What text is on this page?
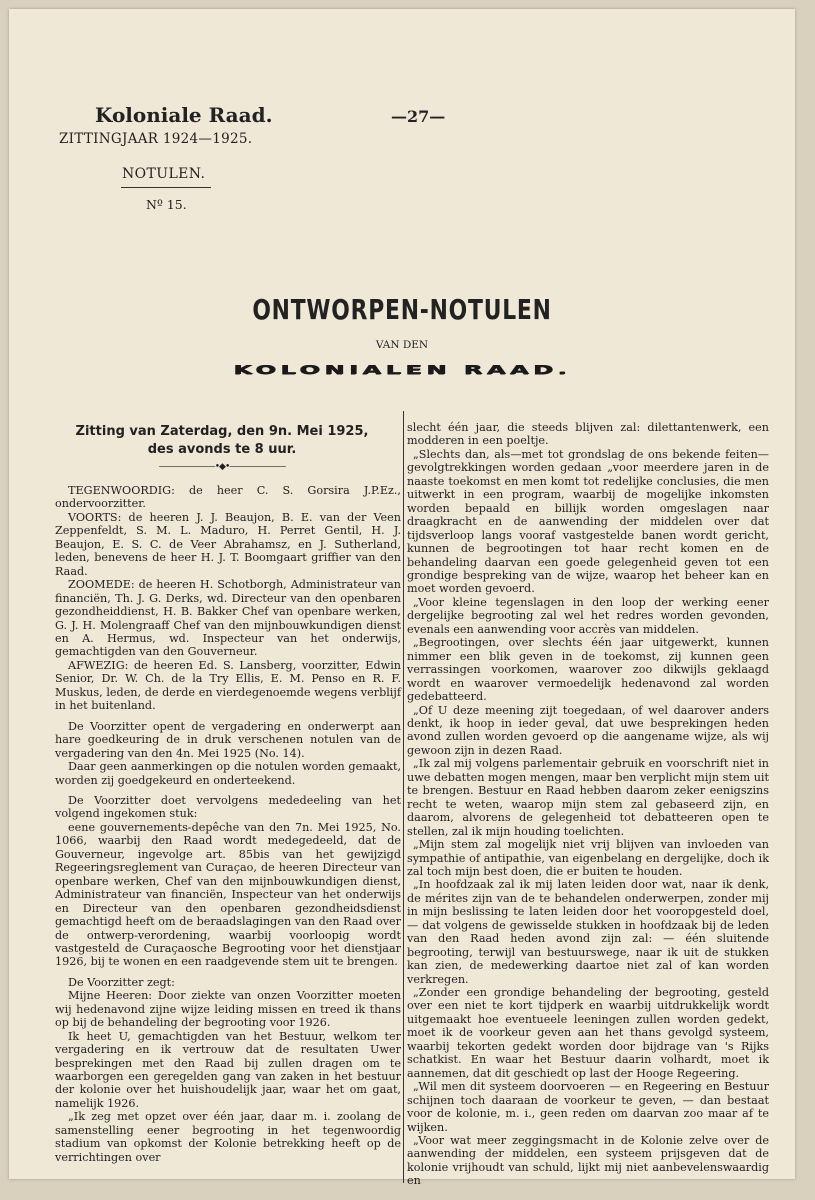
Koloniale Raad.
ZITTINGJAAR 1924—1925.
—27—
NOTULEN.
Nº 15.
ONTWORPEN-NOTULEN
VAN DEN
KOLONIALEN RAAD.
Zitting van Zaterdag, den 9n. Mei 1925,
des avonds te 8 uur.
———————•◆•———————

TEGENWOORDIG: de heer C. S. Gorsira J.P.Ez., ondervoorzitter.

VOORTS: de heeren J. J. Beaujon, B. E. van der Veen Zeppenfeldt, S. M. L. Maduro, H. Perret Gentil, H. J. Beaujon, E. S. C. de Veer Abrahamsz, en J. Sutherland, leden, benevens de heer H. J. T. Boomgaart griffier van den Raad.

ZOOMEDE: de heeren H. Schotborgh, Administrateur van financiën, Th. J. G. Derks, wd. Directeur van den openbaren gezondheiddienst, H. B. Bakker Chef van openbare werken, G. J. H. Molengraaff Chef van den mijnbouwkundigen dienst en A. Hermus, wd. Inspecteur van het onderwijs, gemachtigden van den Gouverneur.

AFWEZIG: de heeren Ed. S. Lansberg, voorzitter, Edwin Senior, Dr. W. Ch. de la Try Ellis, E. M. Penso en R. F. Muskus, leden, de derde en vierdegenoemde wegens verblijf in het buitenland.

De Voorzitter opent de vergadering en onderwerpt aan hare goedkeuring de in druk verschenen notulen van de vergadering van den 4n. Mei 1925 (No. 14).

Daar geen aanmerkingen op die notulen worden gemaakt, worden zij goedgekeurd en onderteekend.

De Voorzitter doet vervolgens mededeeling van het volgend ingekomen stuk:

eene gouvernements-depêche van den 7n. Mei 1925, No. 1066, waarbij den Raad wordt medegedeeld, dat de Gouverneur, ingevolge art. 85bis van het gewijzigd Regeeringsreglement van Curaçao, de heeren Directeur van openbare werken, Chef van den mijnbouwkundigen dienst, Administrateur van financiën, Inspecteur van het onderwijs en Directeur van den openbaren gezondheidsdienst gemachtigd heeft om de beraadslagingen van den Raad over de ontwerp-verordening, waarbij voorloopig wordt vastgesteld de Curaçaosche Begrooting voor het dienstjaar 1926, bij te wonen en een raadgevende stem uit te brengen.

De Voorzitter zegt:

Mijne Heeren: Door ziekte van onzen Voorzitter moeten wij hedenavond zijne wijze leiding missen en treed ik thans op bij de behandeling der begrooting voor 1926.

Ik heet U, gemachtigden van het Bestuur, welkom ter vergadering en ik vertrouw dat de resultaten Uwer besprekingen met den Raad bij zullen dragen om te waarborgen een geregelden gang van zaken in het bestuur der kolonie over het huishoudelijk jaar, waar het om gaat, namelijk 1926.

„Ik zeg met opzet over één jaar, daar m. i. zoolang de samenstelling eener begrooting in het tegenwoordig stadium van opkomst der Kolonie betrekking heeft op de verrichtingen over

slecht één jaar, die steeds blijven zal: dilettantenwerk, een modderen in een poeltje.

„Slechts dan, als—met tot grondslag de ons bekende feiten—gevolgtrekkingen worden gedaan „voor meerdere jaren in de naaste toekomst en men komt tot redelijke conclusies, die men uitwerkt in een program, waarbij de mogelijke inkomsten worden bepaald en billijk worden omgeslagen naar draagkracht en de aanwending der middelen over dat tijdsverloop langs vooraf vastgestelde banen wordt gericht, kunnen de begrootingen tot haar recht komen en de behandeling daarvan een goede gelegenheid geven tot een grondige bespreking van de wijze, waarop het beheer kan en moet worden gevoerd.

„Voor kleine tegenslagen in den loop der werking eener dergelijke begrooting zal wel het redres worden gevonden, evenals een aanwending voor accrès van middelen.

„Begrootingen, over slechts één jaar uitgewerkt, kunnen nimmer een blik geven in de toekomst, zij kunnen geen verrassingen voorkomen, waarover zoo dikwijls geklaagd wordt en waarover vermoedelijk hedenavond zal worden gedebatteerd.

„Of U deze meening zijt toegedaan, of wel daarover anders denkt, ik hoop in ieder geval, dat uwe besprekingen heden avond zullen worden gevoerd op die aangename wijze, als wij gewoon zijn in dezen Raad.

„Ik zal mij volgens parlementair gebruik en voorschrift niet in uwe debatten mogen mengen, maar ben verplicht mijn stem uit te brengen. Bestuur en Raad hebben daarom zeker eenigszins recht te weten, waarop mijn stem zal gebaseerd zijn, en daarom, alvorens de gelegenheid tot debatteeren open te stellen, zal ik mijn houding toelichten.

„Mijn stem zal mogelijk niet vrij blijven van invloeden van sympathie of antipathie, van eigenbelang en dergelijke, doch ik zal toch mijn best doen, die er buiten te houden.

„In hoofdzaak zal ik mij laten leiden door wat, naar ik denk, de mérites zijn van de te behandelen onderwerpen, zonder mij in mijn beslissing te laten leiden door het vooropgesteld doel, — dat volgens de gewisselde stukken in hoofdzaak bij de leden van den Raad heden avond zijn zal: — één sluitende begrooting, terwijl van bestuurswege, naar ik uit de stukken kan zien, de medewerking daartoe niet zal of kan worden verkregen.

„Zonder een grondige behandeling der begrooting, gesteld over een niet te kort tijdperk en waarbij uitdrukkelijk wordt uitgemaakt hoe eventueele leeningen zullen worden gedekt, moet ik de voorkeur geven aan het thans gevolgd systeem, waarbij tekorten gedekt worden door bijdrage van 's Rijks schatkist. En waar het Bestuur daarin volhardt, moet ik aannemen, dat dit geschiedt op last der Hooge Regeering.

„Wil men dit systeem doorvoeren — en Regeering en Bestuur schijnen toch daaraan de voorkeur te geven, — dan bestaat voor de kolonie, m. i., geen reden om daarvan zoo maar af te wijken.

„Voor wat meer zeggingsmacht in de Kolonie zelve over de aanwending der middelen, een systeem prijsgeven dat de kolonie vrijhoudt van schuld, lijkt mij niet aanbevelenswaardig en
